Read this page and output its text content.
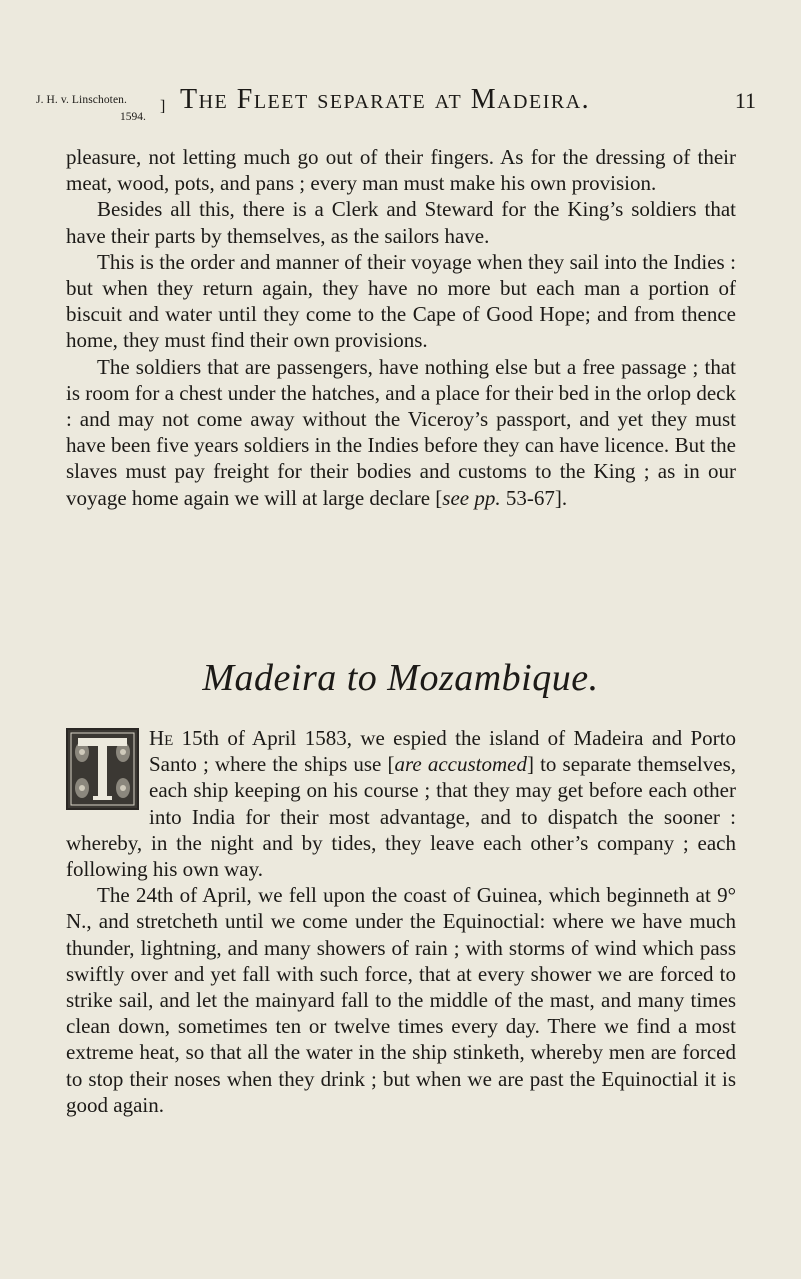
J. H. v. Linschoten.
1594.
] The Fleet separate at Madeira.	11

pleasure, not letting much go out of their fingers. As for the dressing of their meat, wood, pots, and pans ; every man must make his own provision.

Besides all this, there is a Clerk and Steward for the King’s soldiers that have their parts by themselves, as the sailors have.

This is the order and manner of their voyage when they sail into the Indies : but when they return again, they have no more but each man a portion of biscuit and water until they come to the Cape of Good Hope; and from thence home, they must find their own provisions.

The soldiers that are passengers, have nothing else but a free passage ; that is room for a chest under the hatches, and a place for their bed in the orlop deck : and may not come away without the Viceroy’s passport, and yet they must have been five years soldiers in the Indies before they can have licence. But the slaves must pay freight for their bodies and customs to the King ; as in our voyage home again we will at large declare [see pp. 53-67].

Madeira to Mozambique.

He 15th of April 1583, we espied the island of Madeira and Porto Santo ; where the ships use [are accustomed] to separate themselves, each ship keeping on his course ; that they may get before each other into India for their most advantage, and to dispatch the sooner : whereby, in the night and by tides, they leave each other’s company ; each following his own way.

The 24th of April, we fell upon the coast of Guinea, which beginneth at 9° N., and stretcheth until we come under the Equinoctial: where we have much thunder, lightning, and many showers of rain ; with storms of wind which pass swiftly over and yet fall with such force, that at every shower we are forced to strike sail, and let the mainyard fall to the middle of the mast, and many times clean down, sometimes ten or twelve times every day. There we find a most extreme heat, so that all the water in the ship stinketh, whereby men are forced to stop their noses when they drink ; but when we are past the Equinoctial it is good again.
